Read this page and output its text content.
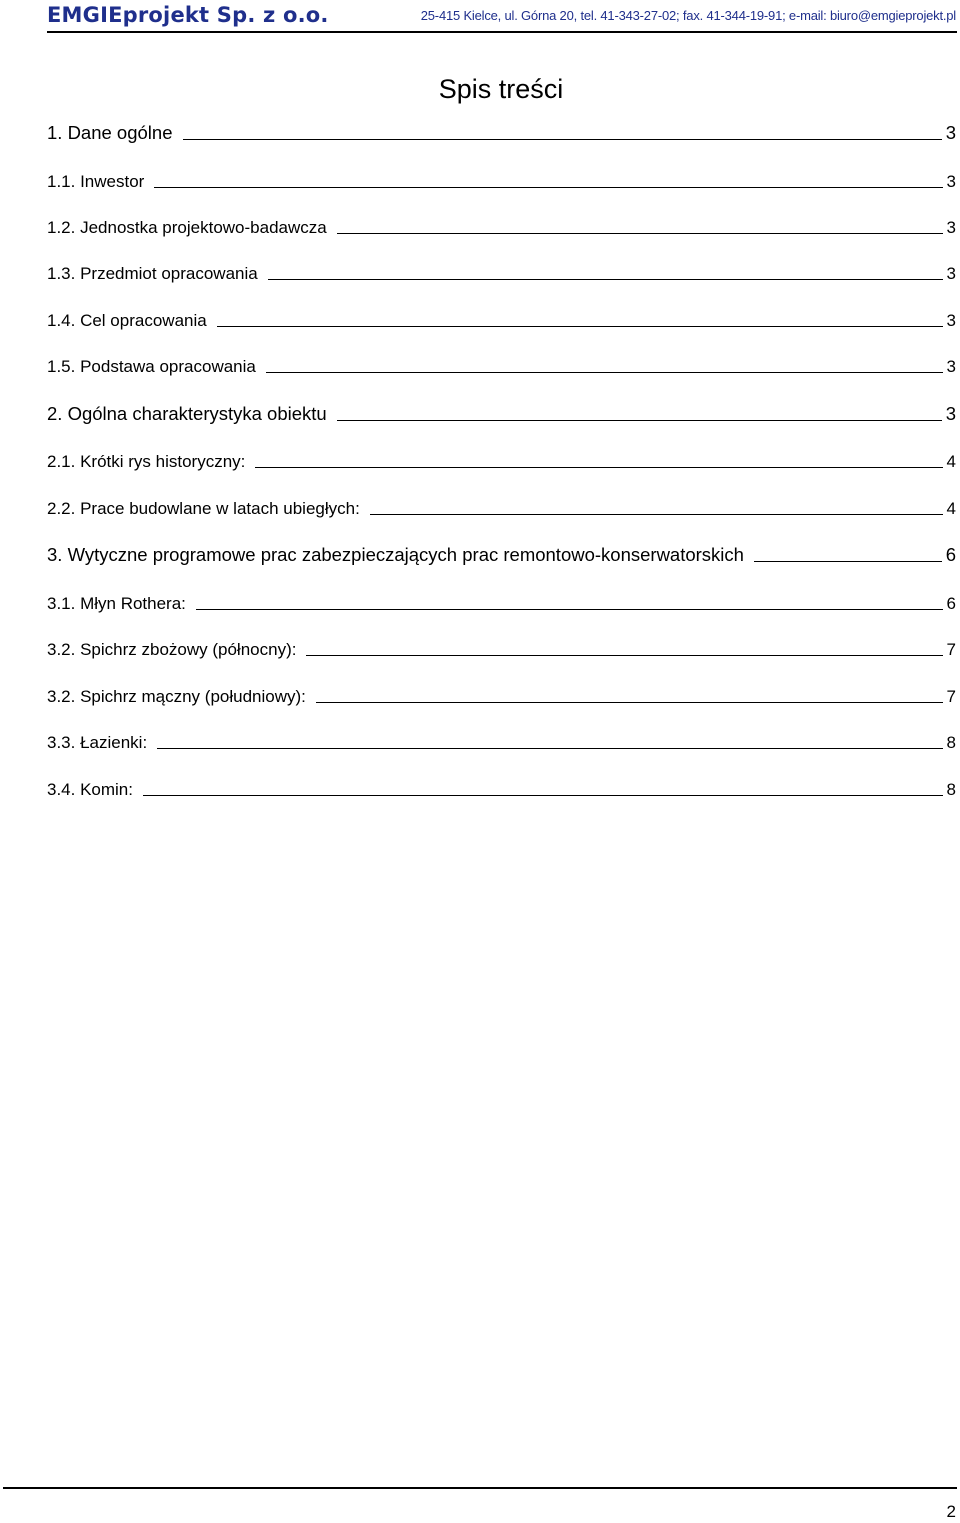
EMGIEprojekt Sp. z o.o.	25-415 Kielce, ul. Górna 20, tel. 41-343-27-02; fax. 41-344-19-91; e-mail: biuro@emgieprojekt.pl
Spis treści
1. Dane ogólne	3
1.1. Inwestor	3
1.2. Jednostka projektowo-badawcza	3
1.3. Przedmiot opracowania	3
1.4. Cel opracowania	3
1.5. Podstawa opracowania	3
2. Ogólna charakterystyka obiektu	3
2.1. Krótki rys historyczny:	4
2.2. Prace budowlane w latach ubiegłych:	4
3. Wytyczne programowe prac zabezpieczających prac remontowo-konserwatorskich	6
3.1. Młyn Rothera:	6
3.2. Spichrz zbożowy (północny):	7
3.2. Spichrz mączny (południowy):	7
3.3. Łazienki:	8
3.4. Komin:	8
2
